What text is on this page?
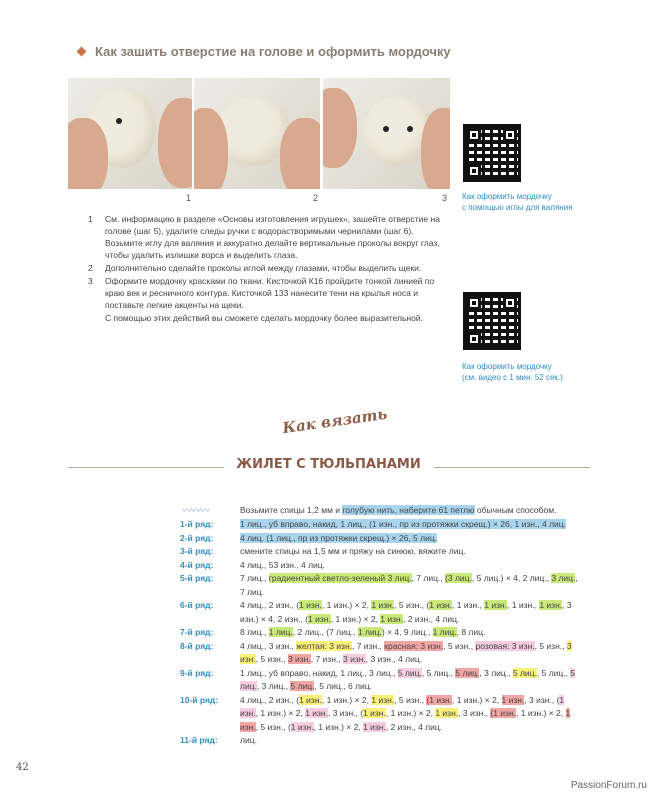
Как зашить отверстие на голове и оформить мордочку
1	2	3 Как оформить мордочку
с помощью иглы для валяния
Как оформить мордочку
(см. видео с 1 мин. 52 сек.)
1 См. информацию в разделе «Основы изготовления игрушек», зашейте отверстие на голове (шаг 5), удалите следы ручки с водорастворимыми чернилами (шаг 6). Возьмите иглу для валяния и аккуратно делайте вертикальные проколы вокруг глаз, чтобы удалить излишки ворса и выделить глаза.
2 Дополнительно сделайте проколы иглой между глазами, чтобы выделить щеки.
3 Оформите мордочку красками по ткани. Кисточкой К16 пройдите тонкой линией по краю век и ресничного контура. Кисточкой 133 нанесите тени на крылья носа и поставьте легкие акценты на щеки.
С помощью этих действий вы сможете сделать мордочку более выразительной.
Как вязать
ЖИЛЕТ С ТЮЛЬПАНАМИ
〰〰〰	Возьмите спицы 1,2 мм и голубую нить, наберите 61 петлю обычным способом.
1-й ряд:	1 лиц., уб вправо, накид, 1 лиц., (1 изн., пр из протяжки скрещ.) × 26, 1 изн., 4 лиц.
2-й ряд:	4 лиц. (1 лиц., пр из протяжки скрещ.) × 26, 5 лиц.
3-й ряд:	смените спицы на 1,5 мм и пряжу на синюю, вяжите лиц.
4-й ряд:	4 лиц., 53 изн., 4 лиц.
5-й ряд:	7 лиц., градиентный светло-зеленый 3 лиц., 7 лиц., (3 лиц., 5 лиц.) × 4, 2 лиц., 3 лиц., 7 лиц.
6-й ряд:	4 лиц., 2 изн., (1 изн., 1 изн.) × 2, 1 изн., 5 изн., (1 изн., 1 изн., 1 изн., 1 изн., 1 изн., 3 изн.) × 4, 2 изн., (1 изн., 1 изн.) × 2, 1 изн., 2 изн., 4 лиц.
7-й ряд:	8 лиц., 1 лиц., 2 лиц., (7 лиц., 1 лиц.) × 4, 9 лиц., 1 лиц., 8 лиц.
8-й ряд:	4 лиц., 3 изн., желтая: 3 изн., 7 изн., красная: 3 изн., 5 изн., розовая: 3 изн., 5 изн., 3 изн., 5 изн., 3 изн., 7 изн., 3 изн., 3 изн., 4 лиц.
9-й ряд:	1 лиц., уб вправо, накид, 1 лиц., 3 лиц., 5 лиц., 5 лиц., 5 лиц., 3 лиц., 5 лиц., 5 лиц., 5 лиц., 3 лиц., 5 лиц., 5 лиц., 6 лиц.
10-й ряд:	4 лиц., 2 изн., (1 изн., 1 изн.) × 2, 1 изн., 5 изн., (1 изн., 1 изн.) × 2, 1 изн., 3 изн., (1 изн., 1 изн.) × 2, 1 изн., 3 изн., (1 изн., 1 изн.) × 2, 1 изн., 3 изн., (1 изн., 1 изн.) × 2, 1 изн., 5 изн., (1 изн., 1 изн.) × 2, 1 изн., 2 изн., 4 лиц.
11-й ряд:	лиц.
42
PassionForum.ru
